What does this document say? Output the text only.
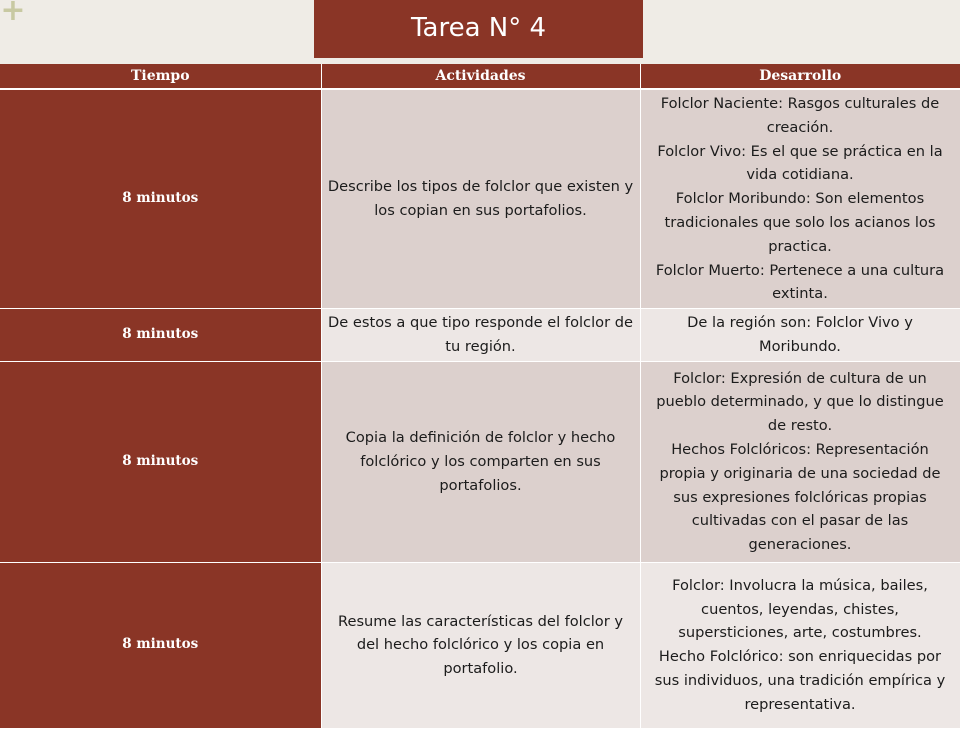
+	Tarea N° 4
Tiempo	Actividades	Desarrollo
8 minutos	Describe los tipos de folclor que existen y los copian en sus portafolios.	Folclor Naciente: Rasgos culturales de creación.
Folclor Vivo: Es el que se práctica en la vida cotidiana.
Folclor Moribundo: Son elementos tradicionales que solo los acianos los practica.
Folclor Muerto: Pertenece a una cultura extinta.

8 minutos	De estos a que tipo responde el folclor de tu región.	De la región son: Folclor Vivo y Moribundo.

8 minutos	Copia la definición de folclor y hecho folclórico y los comparten en sus portafolios.	Folclor: Expresión de cultura de un pueblo determinado, y que lo distingue de resto.
Hechos Folclóricos: Representación propia y originaria de una sociedad de sus expresiones folclóricas propias cultivadas con el pasar de las generaciones.

8 minutos	Resume las características del folclor y del hecho folclórico y los copia en portafolio.	Folclor: Involucra la música, bailes, cuentos, leyendas, chistes, supersticiones, arte, costumbres.
Hecho Folclórico: son enriquecidas por sus individuos, una tradición empírica y representativa.
